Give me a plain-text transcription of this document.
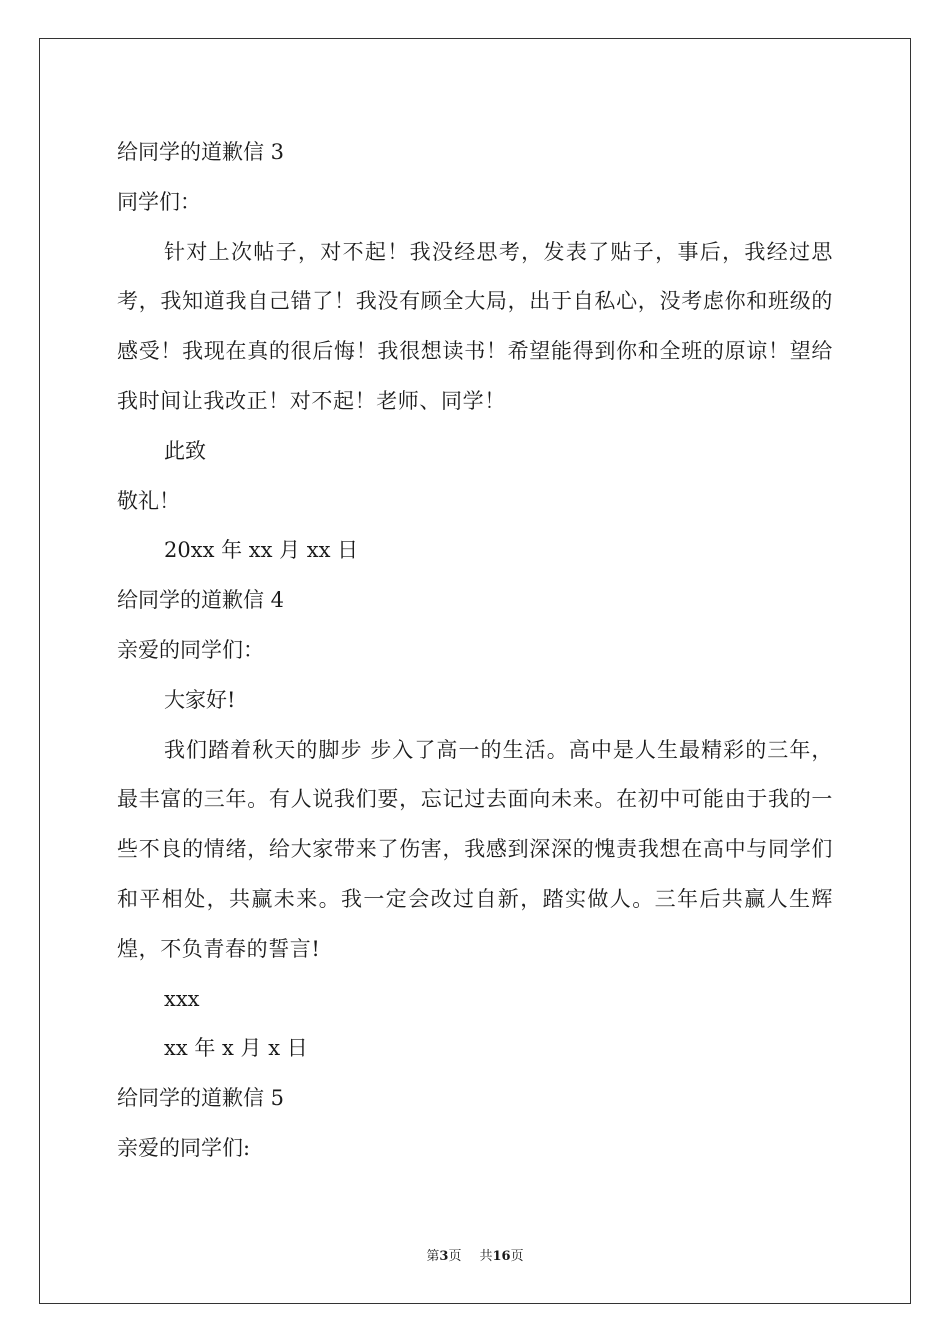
给同学的道歉信 3

同学们：

针对上次帖子，对不起！我没经思考，发表了贴子，事后，我经过思考，我知道我自己错了！我没有顾全大局，出于自私心，没考虑你和班级的感受！我现在真的很后悔！我很想读书！希望能得到你和全班的原谅！望给我时间让我改正！对不起！老师、同学！

此致

敬礼！

20xx 年 xx 月 xx 日

给同学的道歉信 4

亲爱的同学们：

大家好!

我们踏着秋天的脚步 步入了高一的生活。高中是人生最精彩的三年，最丰富的三年。有人说我们要，忘记过去面向未来。在初中可能由于我的一些不良的情绪，给大家带来了伤害，我感到深深的愧责我想在高中与同学们和平相处，共赢未来。我一定会改过自新，踏实做人。三年后共赢人生辉煌，不负青春的誓言!

xxx

xx 年 x 月 x 日

给同学的道歉信 5

亲爱的同学们:

第3页 共16页
